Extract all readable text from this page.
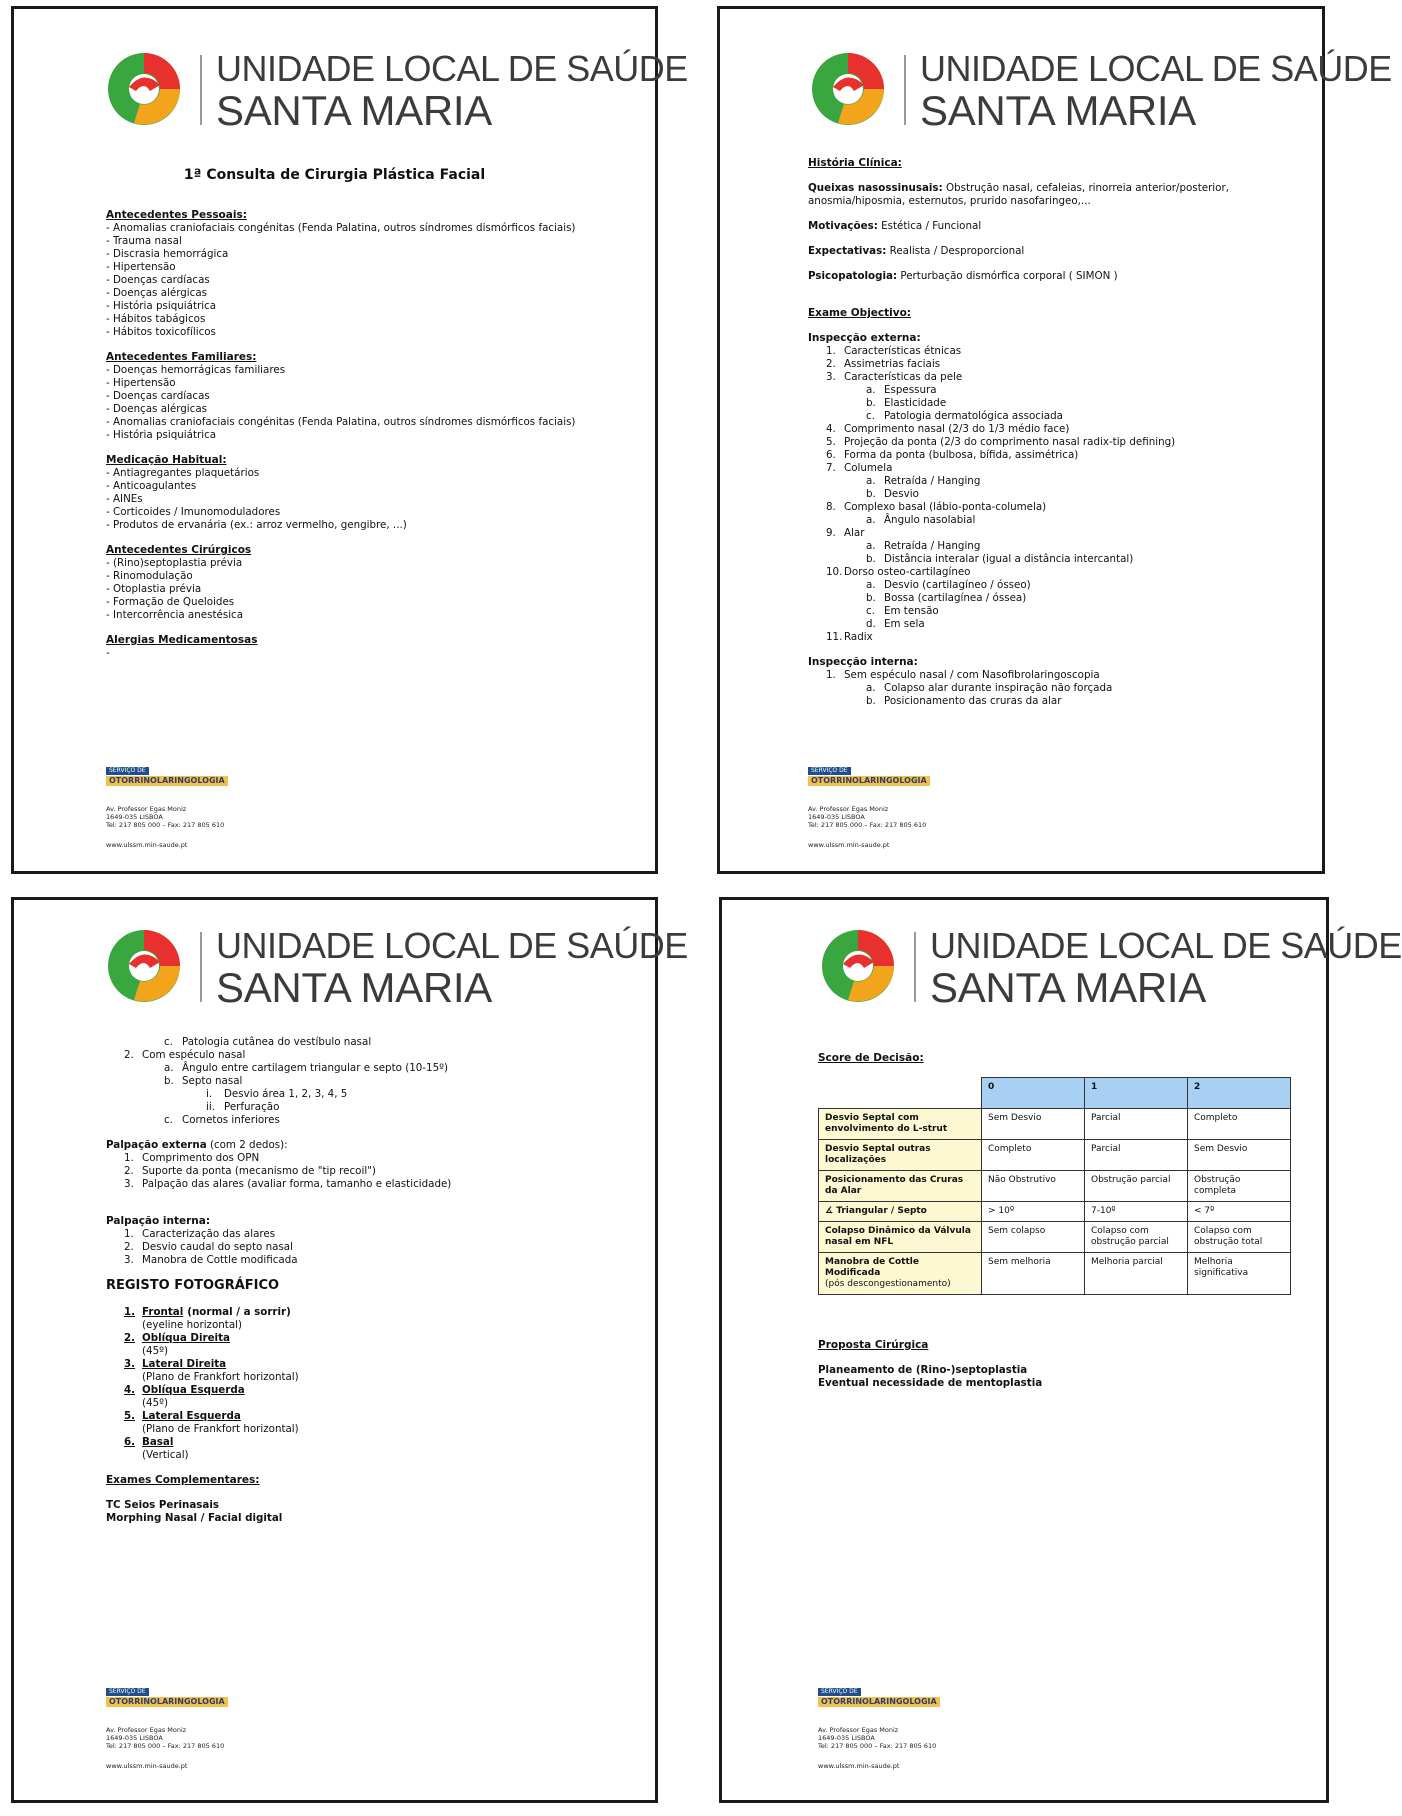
UNIDADE LOCAL DE SAÚDE
SANTA MARIA
1ª Consulta de Cirurgia Plástica Facial

Antecedentes Pessoais:

- Anomalias craniofaciais congénitas (Fenda Palatina, outros síndromes dismórficos faciais)
- Trauma nasal
- Discrasia hemorrágica
- Hipertensão
- Doenças cardíacas
- Doenças alérgicas
- História psiquiátrica
- Hábitos tabágicos
- Hábitos toxicofílicos

Antecedentes Familiares:

- Doenças hemorrágicas familiares
- Hipertensão
- Doenças cardíacas
- Doenças alérgicas
- Anomalias craniofaciais congénitas (Fenda Palatina, outros síndromes dismórficos faciais)
- História psiquiátrica

Medicação Habitual:

- Antiagregantes plaquetários
- Anticoagulantes
- AINEs
- Corticoides / Imunomoduladores
- Produtos de ervanária (ex.: arroz vermelho, gengibre, ...)

Antecedentes Cirúrgicos

- (Rino)septoplastia prévia
- Rinomodulação
- Otoplastia prévia
- Formação de Queloides
- Intercorrência anestésica

Alergias Medicamentosas

-
SERVIÇO DE
OTORRINOLARINGOLOGIA
Av. Professor Egas Moniz
1649-035 LISBOA
Tel: 217 805 000 – Fax: 217 805 610
www.ulssm.min-saude.pt
UNIDADE LOCAL DE SAÚDE
SANTA MARIA

História Clínica:

Queixas nasossinusais: Obstrução nasal, cefaleias, rinorreia anterior/posterior, anosmia/hiposmia, esternutos, prurido nasofaringeo,...
Motivações: Estética / Funcional
Expectativas: Realista / Desproporcional
Psicopatologia: Perturbação dismórfica corporal ( SIMON )

Exame Objectivo:

Inspecção externa:

1. Características étnicas
2. Assimetrias faciais
3. Características da pele
a. Espessura
b. Elasticidade
c. Patologia dermatológica associada
4. Comprimento nasal (2/3 do 1/3 médio face)
5. Projeção da ponta (2/3 do comprimento nasal radix-tip defining)
6. Forma da ponta (bulbosa, bífida, assimétrica)
7. Columela
a. Retraída / Hanging
b. Desvio
8. Complexo basal (lábio-ponta-columela)
a. Ângulo nasolabial
9. Alar
a. Retraída / Hanging
b. Distância interalar (igual a distância intercantal)
10. Dorso osteo-cartilagíneo
a. Desvio (cartilagíneo / ósseo)
b. Bossa (cartilagínea / óssea)
c. Em tensão
d. Em sela
11. Radix

Inspecção interna:

1. Sem espéculo nasal / com Nasofibrolaringoscopia
a. Colapso alar durante inspiração não forçada
b. Posicionamento das cruras da alar
SERVIÇO DE
OTORRINOLARINGOLOGIA
Av. Professor Egas Moniz
1649-035 LISBOA
Tel: 217 805 000 – Fax: 217 805 610
www.ulssm.min-saude.pt
UNIDADE LOCAL DE SAÚDE
SANTA MARIA
c. Patologia cutânea do vestíbulo nasal
2. Com espéculo nasal
a. Ângulo entre cartilagem triangular e septo (10-15º)
b. Septo nasal
i. Desvio área 1, 2, 3, 4, 5
ii. Perfuração
c. Cornetos inferiores
Palpação externa (com 2 dedos):
1. Comprimento dos OPN
2. Suporte da ponta (mecanismo de "tip recoil")
3. Palpação das alares (avaliar forma, tamanho e elasticidade)

Palpação interna:

1. Caracterização das alares
2. Desvio caudal do septo nasal
3. Manobra de Cottle modificada

REGISTO FOTOGRÁFICO

1. Frontal (normal / a sorrir)
(eyeline horizontal)
2. Oblíqua Direita
(45º)
3. Lateral Direita
(Plano de Frankfort horizontal)
4. Oblíqua Esquerda
(45º)
5. Lateral Esquerda
(Plano de Frankfort horizontal)
6. Basal
(Vertical)

Exames Complementares:

TC Seios Perinasais
Morphing Nasal / Facial digital
SERVIÇO DE
OTORRINOLARINGOLOGIA
Av. Professor Egas Moniz
1649-035 LISBOA
Tel: 217 805 000 – Fax: 217 805 610
www.ulssm.min-saude.pt
UNIDADE LOCAL DE SAÚDE
SANTA MARIA

Score de Decisão:

	0	1	2

Desvio Septal com envolvimento do L-strut	Sem Desvio	Parcial	Completo

Desvio Septal outras localizações	Completo	Parcial	Sem Desvio

Posicionamento das Cruras da Alar	Não Obstrutivo	Obstrução parcial	Obstrução completa

∡ Triangular / Septo	> 10º	7-10º	< 7º

Colapso Dinâmico da Válvula nasal em NFL	Sem colapso	Colapso com obstrução parcial	Colapso com obstrução total

Manobra de Cottle Modificada
(pós descongestionamento)	Sem melhoria	Melhoria parcial	Melhoria significativa

Proposta Cirúrgica

Planeamento de (Rino-)septoplastia
Eventual necessidade de mentoplastia
SERVIÇO DE
OTORRINOLARINGOLOGIA
Av. Professor Egas Moniz
1649-035 LISBOA
Tel: 217 805 000 – Fax: 217 805 610
www.ulssm.min-saude.pt
